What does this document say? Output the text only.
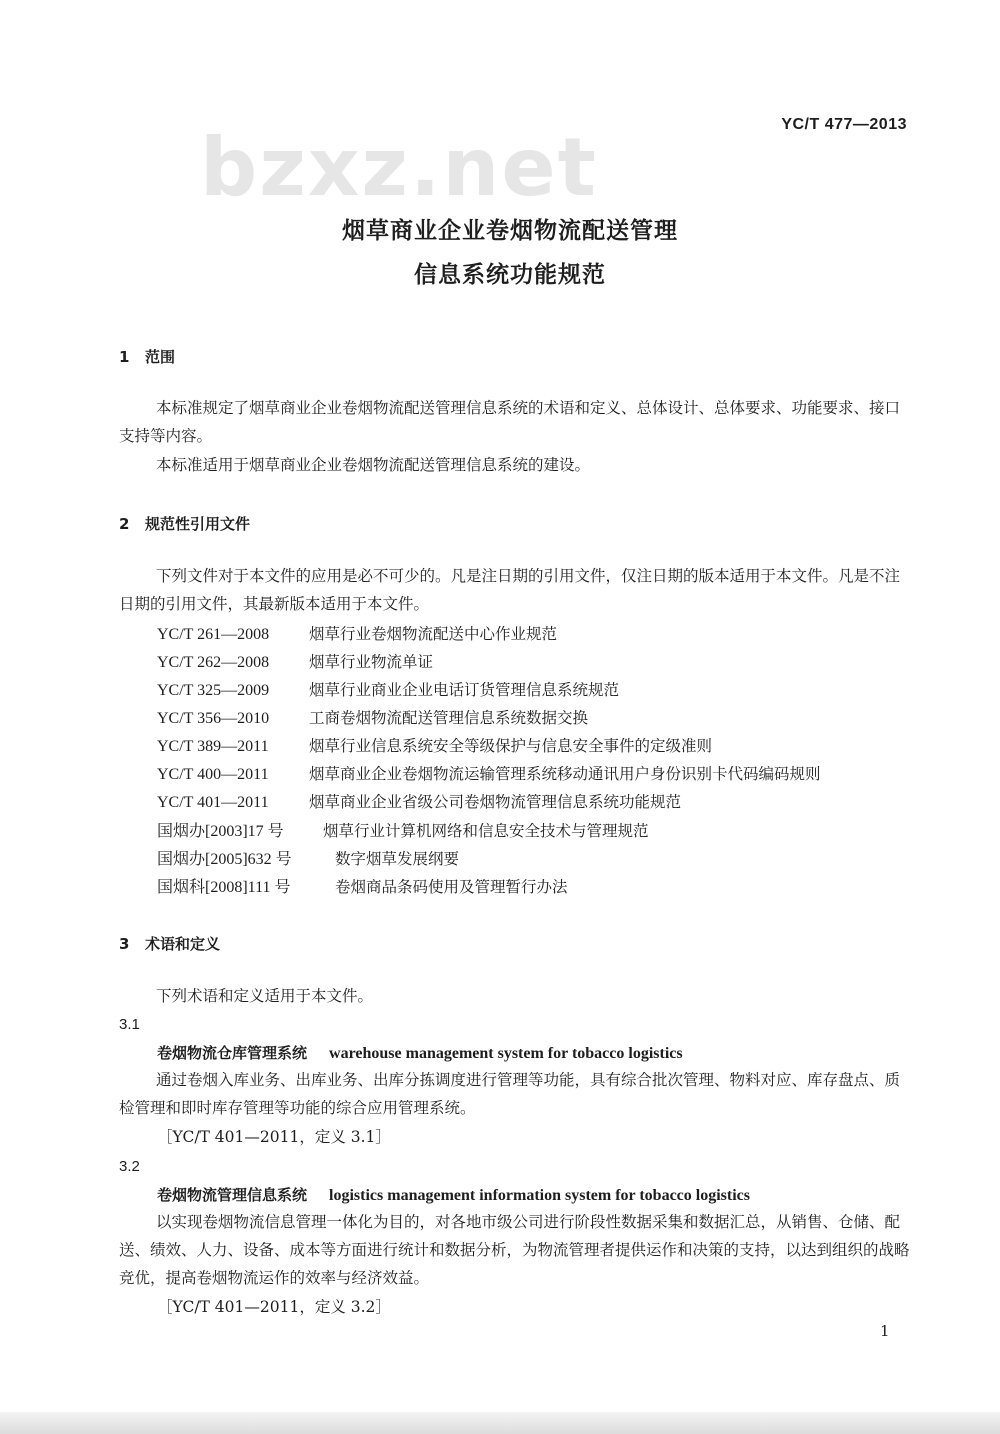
bzxz.net	YC/T 477—2013
烟草商业企业卷烟物流配送管理
信息系统功能规范
1 范围
本标准规定了烟草商业企业卷烟物流配送管理信息系统的术语和定义、总体设计、总体要求、功能要求、接口支持等内容。
本标准适用于烟草商业企业卷烟物流配送管理信息系统的建设。
2 规范性引用文件
下列文件对于本文件的应用是必不可少的。凡是注日期的引用文件，仅注日期的版本适用于本文件。凡是不注日期的引用文件，其最新版本适用于本文件。
YC/T 261—2008	烟草行业卷烟物流配送中心作业规范
YC/T 262—2008	烟草行业物流单证
YC/T 325—2009	烟草行业商业企业电话订货管理信息系统规范
YC/T 356—2010	工商卷烟物流配送管理信息系统数据交换
YC/T 389—2011	烟草行业信息系统安全等级保护与信息安全事件的定级准则
YC/T 400—2011	烟草商业企业卷烟物流运输管理系统移动通讯用户身份识别卡代码编码规则
YC/T 401—2011	烟草商业企业省级公司卷烟物流管理信息系统功能规范
国烟办[2003]17 号	烟草行业计算机网络和信息安全技术与管理规范
国烟办[2005]632 号	数字烟草发展纲要
国烟科[2008]111 号	卷烟商品条码使用及管理暂行办法
3 术语和定义
下列术语和定义适用于本文件。
3.1
卷烟物流仓库管理系统 warehouse management system for tobacco logistics
通过卷烟入库业务、出库业务、出库分拣调度进行管理等功能，具有综合批次管理、物料对应、库存盘点、质检管理和即时库存管理等功能的综合应用管理系统。
［YC/T 401—2011，定义 3.1］
3.2
卷烟物流管理信息系统 logistics management information system for tobacco logistics
以实现卷烟物流信息管理一体化为目的，对各地市级公司进行阶段性数据采集和数据汇总，从销售、仓储、配送、绩效、人力、设备、成本等方面进行统计和数据分析，为物流管理者提供运作和决策的支持，以达到组织的战略竞优，提高卷烟物流运作的效率与经济效益。
［YC/T 401—2011，定义 3.2］
1
